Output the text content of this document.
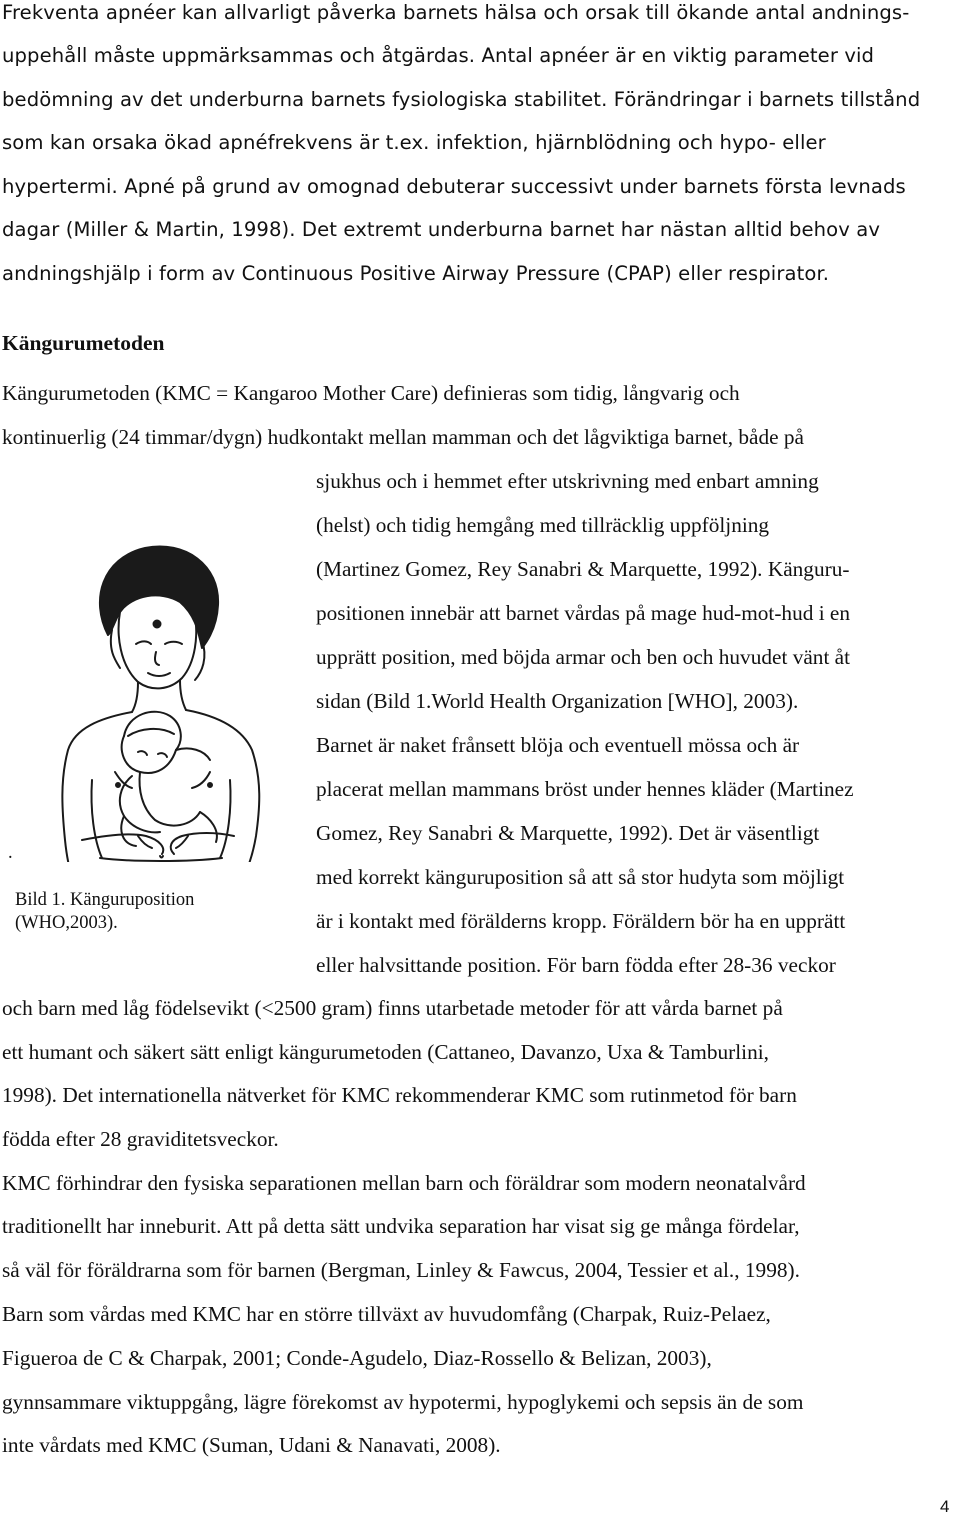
Frekventa apnéer kan allvarligt påverka barnets hälsa och orsak till ökande antal andnings-
uppehåll måste uppmärksammas och åtgärdas. Antal apnéer är en viktig parameter vid
bedömning av det underburna barnets fysiologiska stabilitet. Förändringar i barnets tillstånd
som kan orsaka ökad apnéfrekvens är t.ex. infektion, hjärnblödning och hypo- eller
hypertermi. Apné på grund av omognad debuterar successivt under barnets första levnads
dagar (Miller & Martin, 1998). Det extremt underburna barnet har nästan alltid behov av
andningshjälp i form av Continuous Positive Airway Pressure (CPAP) eller respirator.
Kängurumetoden
Kängurumetoden (KMC = Kangaroo Mother Care) definieras som tidig, långvarig och
kontinuerlig (24 timmar/dygn) hudkontakt mellan mamman och det lågviktiga barnet, både på
sjukhus och i hemmet efter utskrivning med enbart amning
(helst) och tidig hemgång med tillräcklig uppföljning
(Martinez Gomez, Rey Sanabri & Marquette, 1992). Känguru-
positionen innebär att barnet vårdas på mage hud-mot-hud i en
upprätt position, med böjda armar och ben och huvudet vänt åt
sidan (Bild 1.World Health Organization [WHO], 2003).
Barnet är naket frånsett blöja och eventuell mössa och är
placerat mellan mammans bröst under hennes kläder (Martinez
Gomez, Rey Sanabri & Marquette, 1992). Det är väsentligt
med korrekt känguruposition så att så stor hudyta som möjligt
är i kontakt med förälderns kropp. Föräldern bör ha en upprätt
eller halvsittande position. För barn födda efter 28-36 veckor
och barn med låg födelsevikt (<2500 gram) finns utarbetade metoder för att vårda barnet på
ett humant och säkert sätt enligt kängurumetoden (Cattaneo, Davanzo, Uxa & Tamburlini,
1998). Det internationella nätverket för KMC rekommenderar KMC som rutinmetod för barn
födda efter 28 graviditetsveckor.
KMC förhindrar den fysiska separationen mellan barn och föräldrar som modern neonatalvård
traditionellt har inneburit. Att på detta sätt undvika separation har visat sig ge många fördelar,
så väl för föräldrarna som för barnen (Bergman, Linley & Fawcus, 2004, Tessier et al., 1998).
Barn som vårdas med KMC har en större tillväxt av huvudomfång (Charpak, Ruiz-Pelaez,
Figueroa de C & Charpak, 2001; Conde-Agudelo, Diaz-Rossello & Belizan, 2003),
gynnsammare viktuppgång, lägre förekomst av hypotermi, hypoglykemi och sepsis än de som
inte vårdats med KMC (Suman, Udani & Nanavati, 2008).
.
Bild 1. Känguruposition
(WHO,2003).
4
